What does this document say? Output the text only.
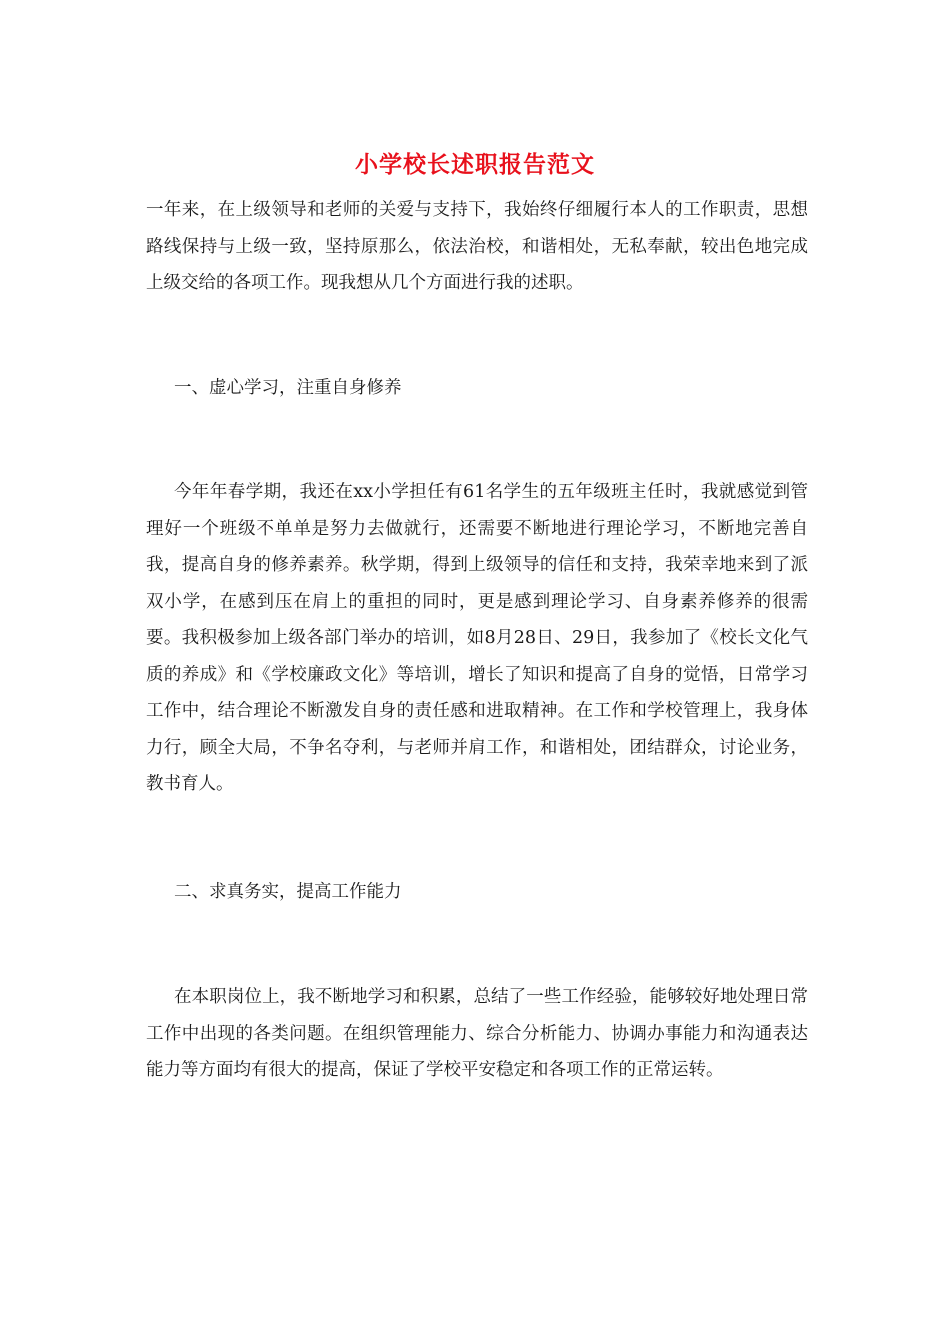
小学校长述职报告范文

一年来，在上级领导和老师的关爱与支持下，我始终仔细履行本人的工作职责，思想路线保持与上级一致，坚持原那么，依法治校，和谐相处，无私奉献，较出色地完成上级交给的各项工作。现我想从几个方面进行我的述职。

一、虚心学习，注重自身修养

今年年春学期，我还在xx小学担任有61名学生的五年级班主任时，我就感觉到管理好一个班级不单单是努力去做就行，还需要不断地进行理论学习，不断地完善自我，提高自身的修养素养。秋学期，得到上级领导的信任和支持，我荣幸地来到了派双小学，在感到压在肩上的重担的同时，更是感到理论学习、自身素养修养的很需要。我积极参加上级各部门举办的培训，如8月28日、29日，我参加了《校长文化气质的养成》和《学校廉政文化》等培训，增长了知识和提高了自身的觉悟，日常学习工作中，结合理论不断激发自身的责任感和进取精神。在工作和学校管理上，我身体力行，顾全大局，不争名夺利，与老师并肩工作，和谐相处，团结群众，讨论业务，教书育人。

二、求真务实，提高工作能力

在本职岗位上，我不断地学习和积累，总结了一些工作经验，能够较好地处理日常工作中出现的各类问题。在组织管理能力、综合分析能力、协调办事能力和沟通表达能力等方面均有很大的提高，保证了学校平安稳定和各项工作的正常运转。
